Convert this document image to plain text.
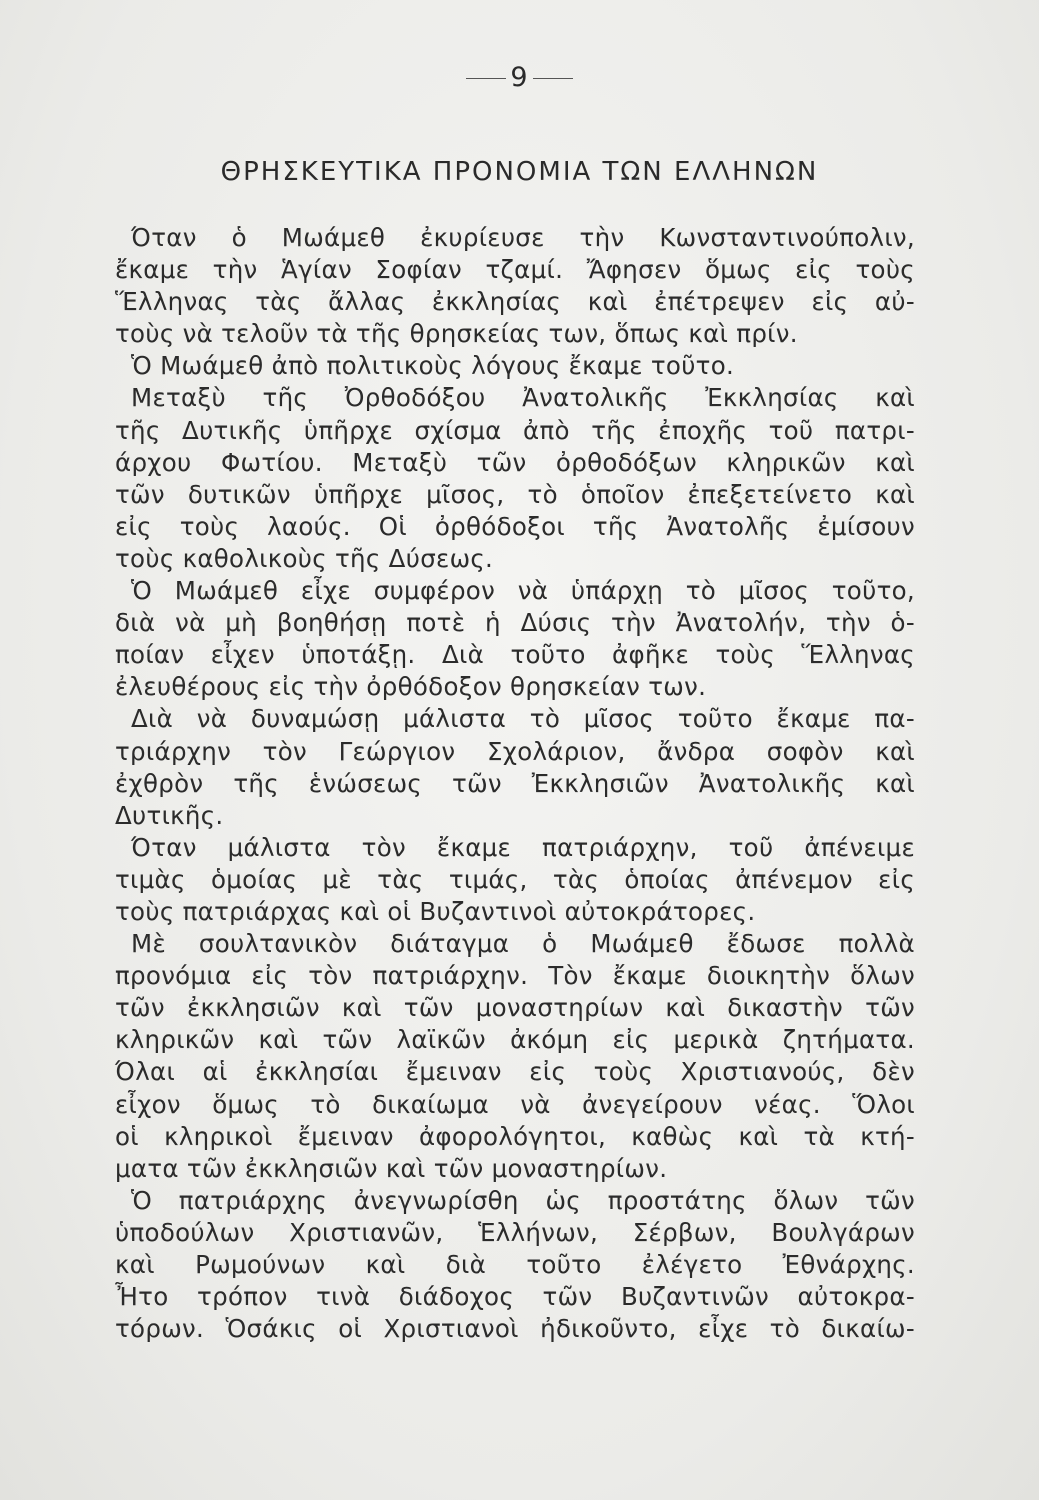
9
ΘΡΗΣΚΕΥΤΙΚΑ ΠΡΟΝΟΜΙΑ ΤΩΝ ΕΛΛΗΝΩΝ
Όταν ὁ Μωάμεθ ἐκυρίευσε τὴν Κωνσταντινούπολιν,
ἔκαμε τὴν Ἁγίαν Σοφίαν τζαμί. Ἄφησεν ὅμως εἰς τοὺς
Ἕλληνας τὰς ἄλλας ἐκκλησίας καὶ ἐπέτρεψεν εἰς αὐ-
τοὺς νὰ τελοῦν τὰ τῆς θρησκείας των, ὅπως καὶ πρίν.
Ὁ Μωάμεθ ἀπὸ πολιτικοὺς λόγους ἔκαμε τοῦτο.
Μεταξὺ τῆς Ὀρθοδόξου Ἀνατολικῆς Ἐκκλησίας καὶ
τῆς Δυτικῆς ὑπῆρχε σχίσμα ἀπὸ τῆς ἐποχῆς τοῦ πατρι-
άρχου Φωτίου. Μεταξὺ τῶν ὀρθοδόξων κληρικῶν καὶ
τῶν δυτικῶν ὑπῆρχε μῖσος, τὸ ὁποῖον ἐπεξετείνετο καὶ
εἰς τοὺς λαούς. Οἱ ὀρθόδοξοι τῆς Ἀνατολῆς ἐμίσουν
τοὺς καθολικοὺς τῆς Δύσεως.
Ὁ Μωάμεθ εἶχε συμφέρον νὰ ὑπάρχῃ τὸ μῖσος τοῦτο,
διὰ νὰ μὴ βοηθήσῃ ποτὲ ἡ Δύσις τὴν Ἀνατολήν, τὴν ὁ-
ποίαν εἶχεν ὑποτάξῃ. Διὰ τοῦτο ἀφῆκε τοὺς Ἕλληνας
ἐλευθέρους εἰς τὴν ὀρθόδοξον θρησκείαν των.
Διὰ νὰ δυναμώσῃ μάλιστα τὸ μῖσος τοῦτο ἔκαμε πα-
τριάρχην τὸν Γεώργιον Σχολάριον, ἄνδρα σοφὸν καὶ
ἐχθρὸν τῆς ἑνώσεως τῶν Ἐκκλησιῶν Ἀνατολικῆς καὶ
Δυτικῆς.
Όταν μάλιστα τὸν ἔκαμε πατριάρχην, τοῦ ἀπένειμε
τιμὰς ὁμοίας μὲ τὰς τιμάς, τὰς ὁποίας ἀπένεμον εἰς
τοὺς πατριάρχας καὶ οἱ Βυζαντινοὶ αὐτοκράτορες.
Μὲ σουλτανικὸν διάταγμα ὁ Μωάμεθ ἔδωσε πολλὰ
προνόμια εἰς τὸν πατριάρχην. Τὸν ἔκαμε διοικητὴν ὅλων
τῶν ἐκκλησιῶν καὶ τῶν μοναστηρίων καὶ δικαστὴν τῶν
κληρικῶν καὶ τῶν λαϊκῶν ἀκόμη εἰς μερικὰ ζητήματα.
Όλαι αἱ ἐκκλησίαι ἔμειναν εἰς τοὺς Χριστιανούς, δὲν
εἶχον ὅμως τὸ δικαίωμα νὰ ἀνεγείρουν νέας. Ὅλοι
οἱ κληρικοὶ ἔμειναν ἀφορολόγητοι, καθὼς καὶ τὰ κτή-
ματα τῶν ἐκκλησιῶν καὶ τῶν μοναστηρίων.
Ὁ πατριάρχης ἀνεγνωρίσθη ὡς προστάτης ὅλων τῶν
ὑποδούλων Χριστιανῶν, Ἑλλήνων, Σέρβων, Βουλγάρων
καὶ Ρωμούνων καὶ διὰ τοῦτο ἐλέγετο Ἐθνάρχης.
Ἦτο τρόπον τινὰ διάδοχος τῶν Βυζαντινῶν αὐτοκρα-
τόρων. Ὁσάκις οἱ Χριστιανοὶ ἠδικοῦντο, εἶχε τὸ δικαίω-
